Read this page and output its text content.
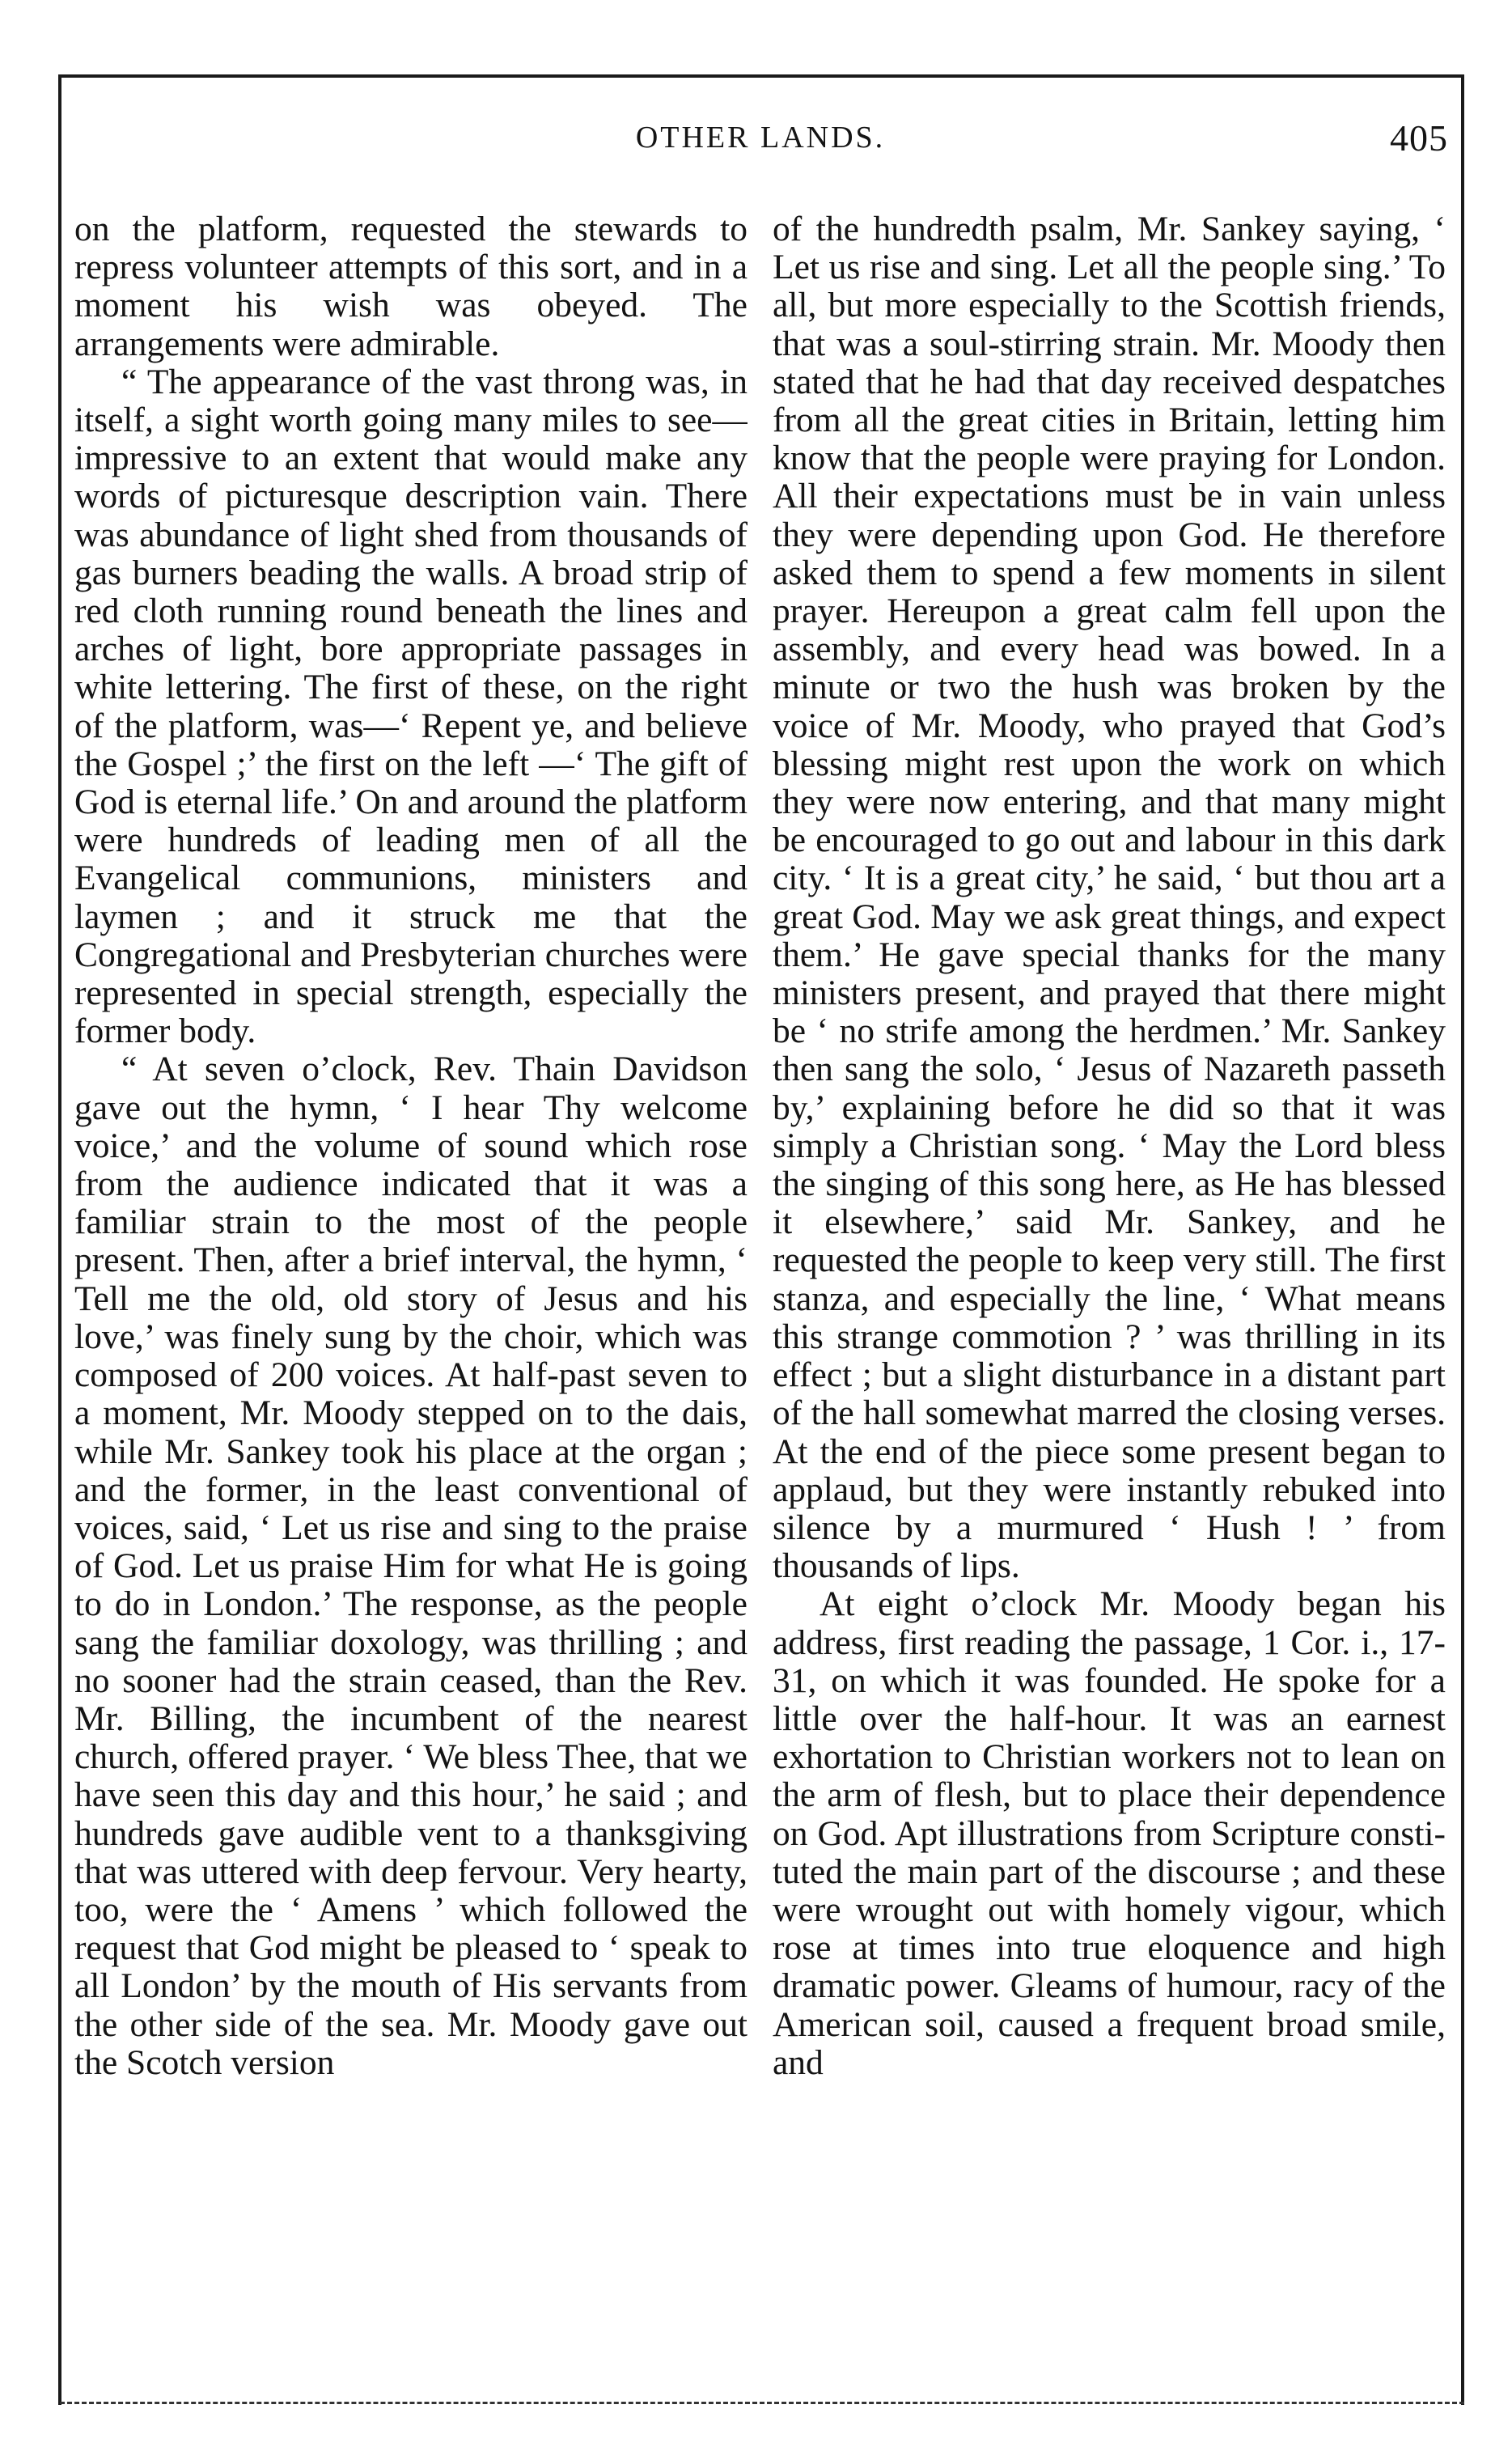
OTHER LANDS.	405

on the platform, requested the stewards to repress volunteer attempts of this sort, and in a moment his wish was obeyed. The arrangements were admirable.

“ The appearance of the vast throng was, in itself, a sight worth going many miles to see—impressive to an extent that would make any words of picturesque description vain. There was abundance of light shed from thousands of gas burners beading the walls. A broad strip of red cloth running round beneath the lines and arches of light, bore appropriate passages in white lettering. The first of these, on the right of the platform, was—‘ Repent ye, and believe the Gospel ;’ the first on the left —‘ The gift of God is eternal life.’ On and around the platform were hundreds of leading men of all the Evangelical communions, ministers and laymen ; and it struck me that the Congregational and Presbyterian churches were represented in special strength, especially the former body.

“ At seven o’clock, Rev. Thain Davidson gave out the hymn, ‘ I hear Thy welcome voice,’ and the volume of sound which rose from the audience indicated that it was a familiar strain to the most of the people present. Then, after a brief interval, the hymn, ‘ Tell me the old, old story of Jesus and his love,’ was finely sung by the choir, which was composed of 200 voices. At half-past seven to a moment, Mr. Moody stepped on to the dais, while Mr. Sankey took his place at the organ ; and the former, in the least conventional of voices, said, ‘ Let us rise and sing to the praise of God. Let us praise Him for what He is going to do in London.’ The response, as the people sang the familiar doxology, was thrilling ; and no sooner had the strain ceased, than the Rev. Mr. Billing, the incumbent of the nearest church, offered prayer. ‘ We bless Thee, that we have seen this day and this hour,’ he said ; and hundreds gave audible vent to a thanksgiving that was uttered with deep fervour. Very hearty, too, were the ‘ Amens ’ which followed the request that God might be pleased to ‘ speak to all London’ by the mouth of His servants from the other side of the sea. Mr. Moody gave out the Scotch version

of the hundredth psalm, Mr. Sankey saying, ‘ Let us rise and sing. Let all the people sing.’ To all, but more especially to the Scottish friends, that was a soul-stirring strain. Mr. Moody then stated that he had that day received despatches from all the great cities in Britain, letting him know that the people were praying for London. All their expectations must be in vain unless they were depending upon God. He therefore asked them to spend a few moments in silent prayer. Hereupon a great calm fell upon the assembly, and every head was bowed. In a minute or two the hush was broken by the voice of Mr. Moody, who prayed that God’s blessing might rest upon the work on which they were now entering, and that many might be encouraged to go out and labour in this dark city. ‘ It is a great city,’ he said, ‘ but thou art a great God. May we ask great things, and expect them.’ He gave special thanks for the many ministers present, and prayed that there might be ‘ no strife among the herdmen.’ Mr. Sankey then sang the solo, ‘ Jesus of Nazareth passeth by,’ explaining before he did so that it was simply a Christian song. ‘ May the Lord bless the singing of this song here, as He has blessed it elsewhere,’ said Mr. Sankey, and he requested the people to keep very still. The first stanza, and especially the line, ‘ What means this strange commotion ? ’ was thrilling in its effect ; but a slight disturbance in a distant part of the hall somewhat marred the closing verses. At the end of the piece some present began to applaud, but they were instantly rebuked into silence by a murmured ‘ Hush ! ’ from thousands of lips.

At eight o’clock Mr. Moody began his address, first reading the passage, 1 Cor. i., 17-31, on which it was founded. He spoke for a little over the half-hour. It was an earnest exhortation to Christian workers not to lean on the arm of flesh, but to place their dependence on God. Apt illustrations from Scripture constituted the main part of the discourse ; and these were wrought out with homely vigour, which rose at times into true eloquence and high dramatic power. Gleams of humour, racy of the American soil, caused a frequent broad smile, and
